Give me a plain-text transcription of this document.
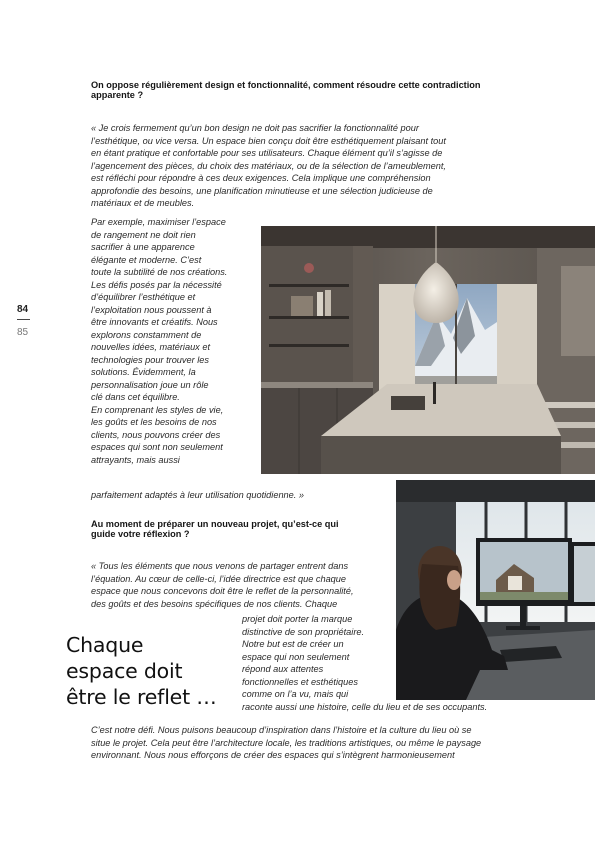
84
85
On oppose régulièrement design et fonctionnalité, comment résoudre cette contradiction
apparente ?

« Je crois fermement qu’un bon design ne doit pas sacrifier la fonctionnalité pour

l’esthétique, ou vice versa. Un espace bien conçu doit être esthétiquement plaisant tout

en étant pratique et confortable pour ses utilisateurs. Chaque élément qu’il s’agisse de

l’agencement des pièces, du choix des matériaux, ou de la sélection de l’ameublement,

est réfléchi pour répondre à ces deux exigences. Cela implique une compréhension

approfondie des besoins, une planification minutieuse et une sélection judicieuse de

matériaux et de meubles.

Par exemple, maximiser l’espace

de rangement ne doit rien

sacrifier à une apparence

élégante et moderne. C’est

toute la subtilité de nos créations.

Les défis posés par la nécessité

d’équilibrer l’esthétique et

l’exploitation nous poussent à

être innovants et créatifs. Nous

explorons constamment de

nouvelles idées, matériaux et

technologies pour trouver les

solutions. Évidemment, la

personnalisation joue un rôle

clé dans cet équilibre.

En comprenant les styles de vie,

les goûts et les besoins de nos

clients, nous pouvons créer des

espaces qui sont non seulement

attrayants, mais aussi

parfaitement adaptés à leur utilisation quotidienne. »

Au moment de préparer un nouveau projet, qu’est-ce qui
guide votre réflexion ?

« Tous les éléments que nous venons de partager entrent dans

l’équation. Au cœur de celle-ci, l’idée directrice est que chaque

espace que nous concevons doit être le reflet de la personnalité,

des goûts et des besoins spécifiques de nos clients. Chaque

projet doit porter la marque

distinctive de son propriétaire.

Notre but est de créer un

espace qui non seulement

répond aux attentes

fonctionnelles et esthétiques

comme on l’a vu, mais qui

raconte aussi une histoire, celle du lieu et de ses occupants.

Chaque
espace doit
être le reflet …

C’est notre défi. Nous puisons beaucoup d’inspiration dans l’histoire et la culture du lieu où se

situe le projet. Cela peut être l’architecture locale, les traditions artistiques, ou même le paysage

environnant. Nous nous efforçons de créer des espaces qui s’intègrent harmonieusement
